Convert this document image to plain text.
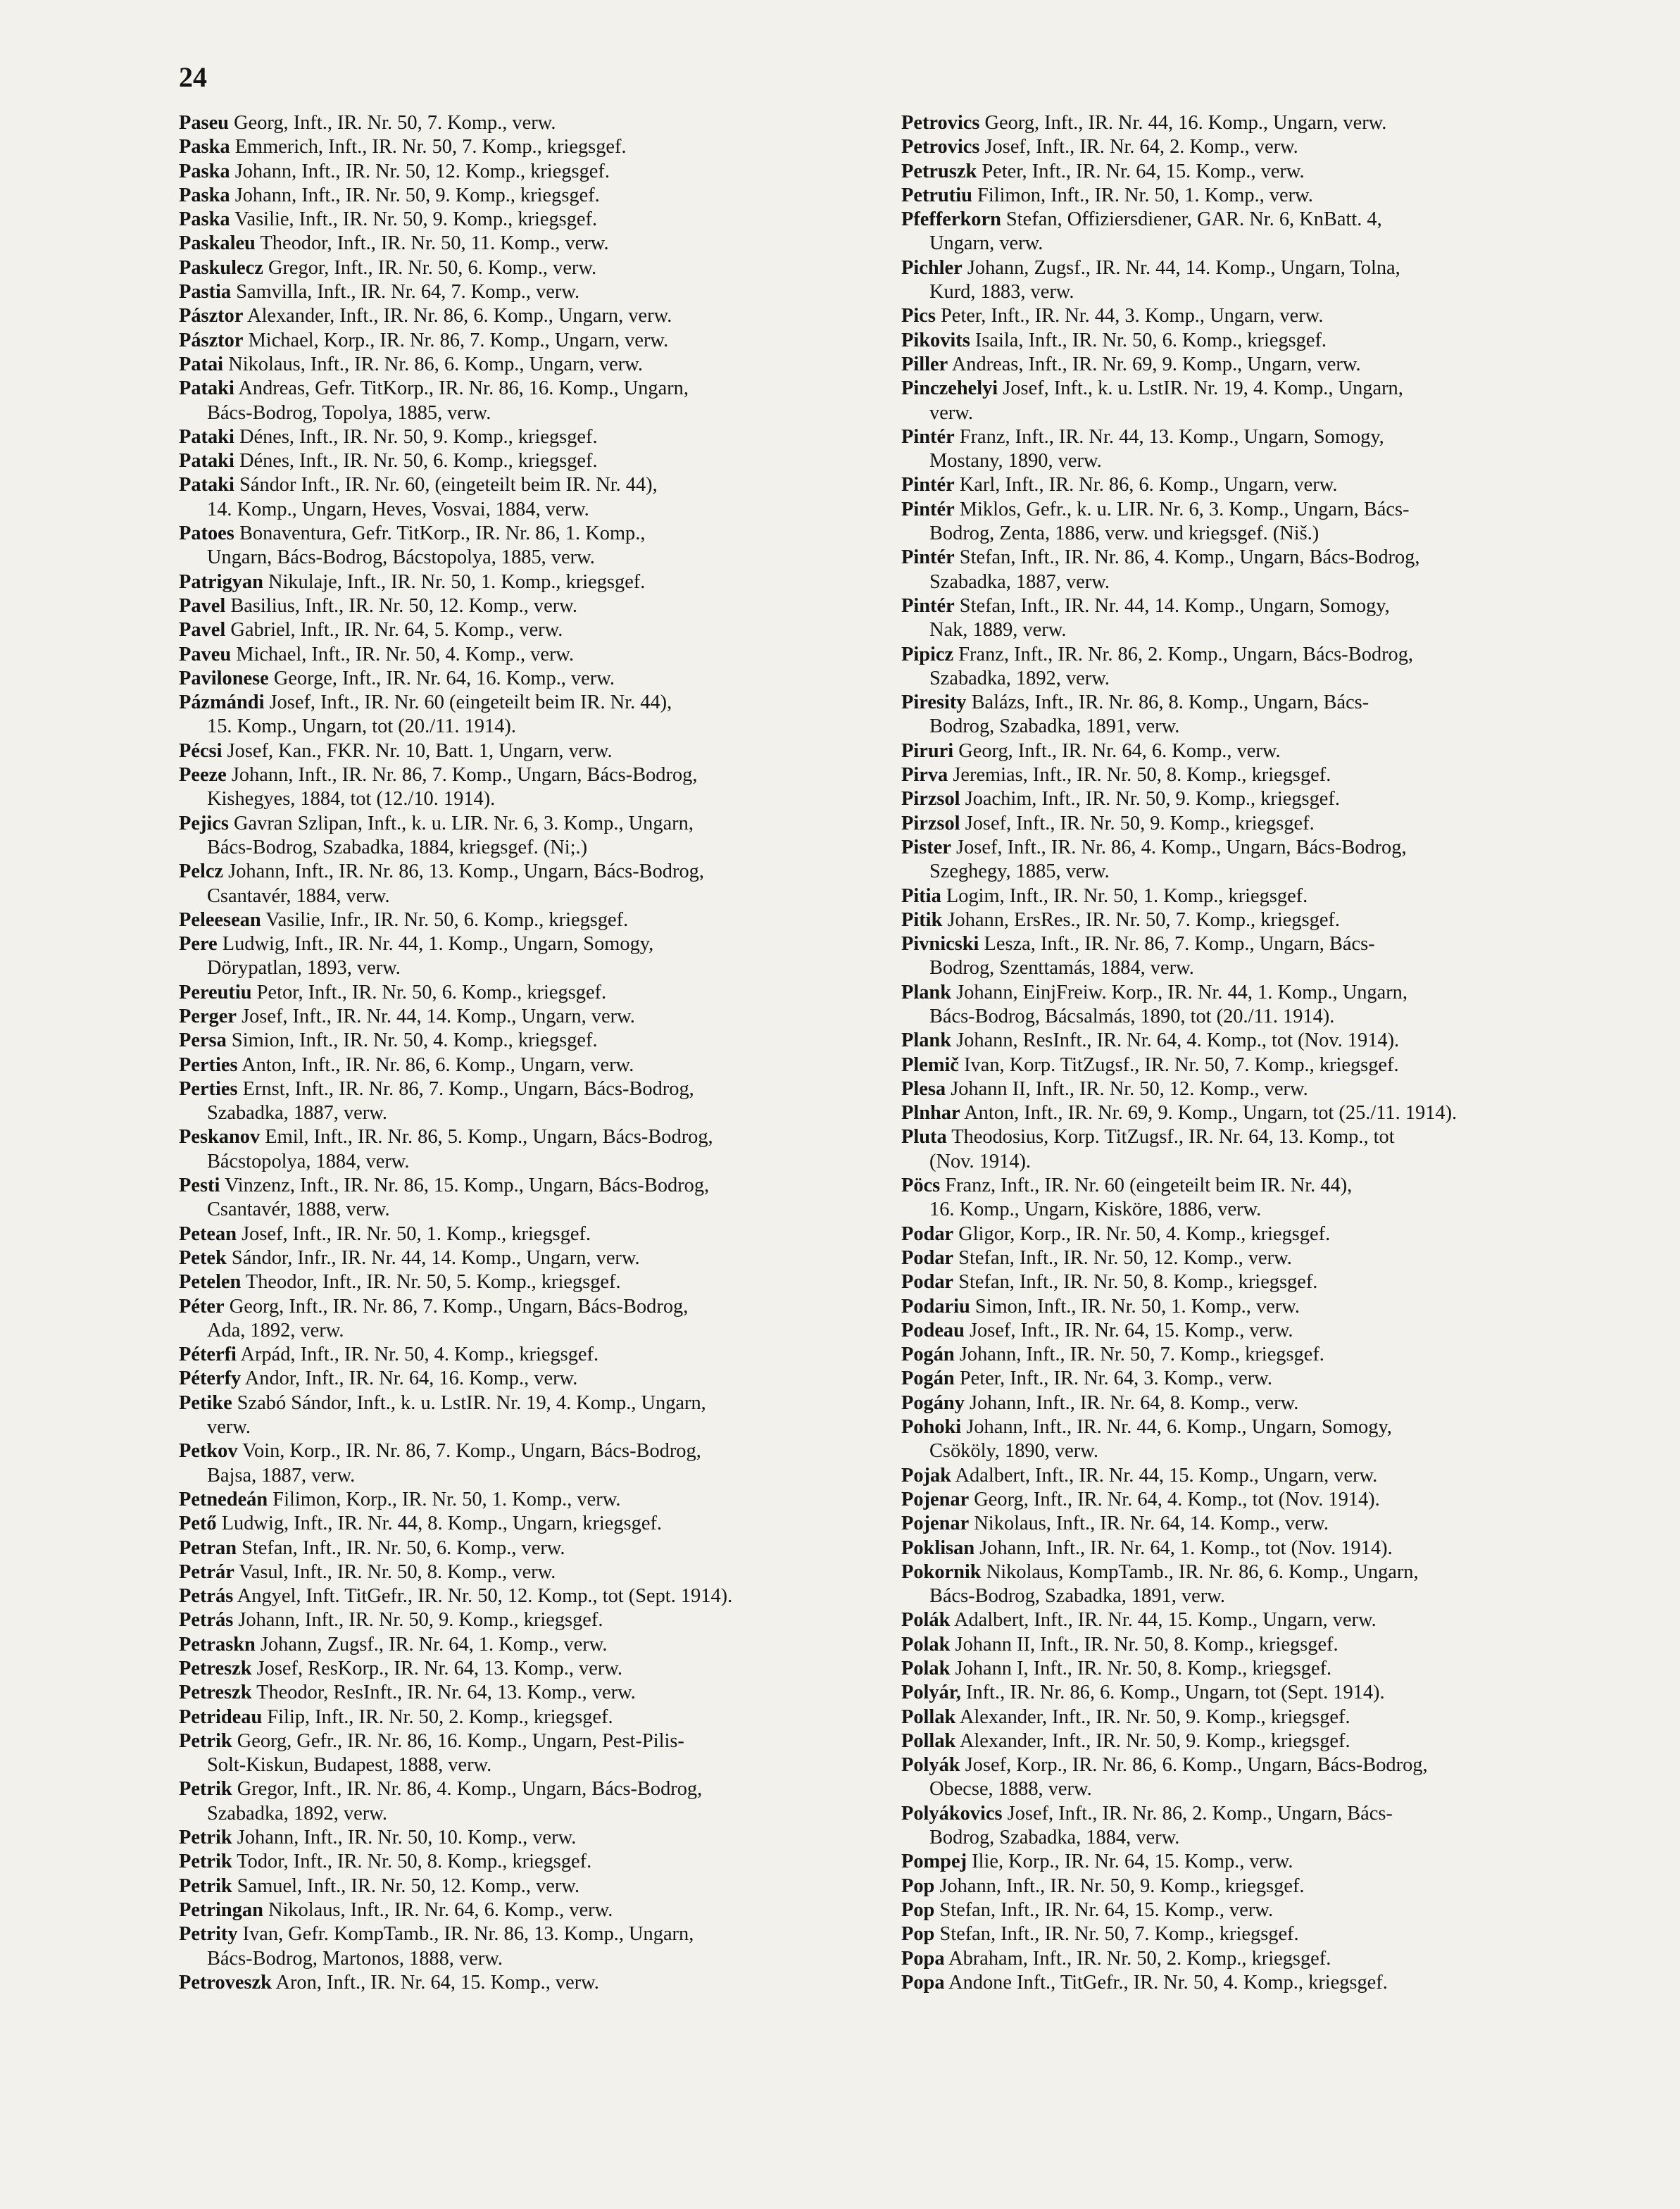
24

Paseu Georg, Inft., IR. Nr. 50, 7. Komp., verw.

Paska Emmerich, Inft., IR. Nr. 50, 7. Komp., kriegsgef.

Paska Johann, Inft., IR. Nr. 50, 12. Komp., kriegsgef.

Paska Johann, Inft., IR. Nr. 50, 9. Komp., kriegsgef.

Paska Vasilie, Inft., IR. Nr. 50, 9. Komp., kriegsgef.

Paskaleu Theodor, Inft., IR. Nr. 50, 11. Komp., verw.

Paskulecz Gregor, Inft., IR. Nr. 50, 6. Komp., verw.

Pastia Samvilla, Inft., IR. Nr. 64, 7. Komp., verw.

Pásztor Alexander, Inft., IR. Nr. 86, 6. Komp., Ungarn, verw.

Pásztor Michael, Korp., IR. Nr. 86, 7. Komp., Ungarn, verw.

Patai Nikolaus, Inft., IR. Nr. 86, 6. Komp., Ungarn, verw.

Pataki Andreas, Gefr. TitKorp., IR. Nr. 86, 16. Komp., Ungarn,
Bács-Bodrog, Topolya, 1885, verw.

Pataki Dénes, Inft., IR. Nr. 50, 9. Komp., kriegsgef.

Pataki Dénes, Inft., IR. Nr. 50, 6. Komp., kriegsgef.

Pataki Sándor Inft., IR. Nr. 60, (eingeteilt beim IR. Nr. 44),
14. Komp., Ungarn, Heves, Vosvai, 1884, verw.

Patoes Bonaventura, Gefr. TitKorp., IR. Nr. 86, 1. Komp.,
Ungarn, Bács-Bodrog, Bácstopolya, 1885, verw.

Patrigyan Nikulaje, Inft., IR. Nr. 50, 1. Komp., kriegsgef.

Pavel Basilius, Inft., IR. Nr. 50, 12. Komp., verw.

Pavel Gabriel, Inft., IR. Nr. 64, 5. Komp., verw.

Paveu Michael, Inft., IR. Nr. 50, 4. Komp., verw.

Pavilonese George, Inft., IR. Nr. 64, 16. Komp., verw.

Pázmándi Josef, Inft., IR. Nr. 60 (eingeteilt beim IR. Nr. 44),
15. Komp., Ungarn, tot (20./11. 1914).

Pécsi Josef, Kan., FKR. Nr. 10, Batt. 1, Ungarn, verw.

Peeze Johann, Inft., IR. Nr. 86, 7. Komp., Ungarn, Bács-Bodrog,
Kishegyes, 1884, tot (12./10. 1914).

Pejics Gavran Szlipan, Inft., k. u. LIR. Nr. 6, 3. Komp., Ungarn,
Bács-Bodrog, Szabadka, 1884, kriegsgef. (Ni;.)

Pelcz Johann, Inft., IR. Nr. 86, 13. Komp., Ungarn, Bács-Bodrog,
Csantavér, 1884, verw.

Peleesean Vasilie, Infr., IR. Nr. 50, 6. Komp., kriegsgef.

Pere Ludwig, Inft., IR. Nr. 44, 1. Komp., Ungarn, Somogy,
Dörypatlan, 1893, verw.

Pereutiu Petor, Inft., IR. Nr. 50, 6. Komp., kriegsgef.

Perger Josef, Inft., IR. Nr. 44, 14. Komp., Ungarn, verw.

Persa Simion, Inft., IR. Nr. 50, 4. Komp., kriegsgef.

Perties Anton, Inft., IR. Nr. 86, 6. Komp., Ungarn, verw.

Perties Ernst, Inft., IR. Nr. 86, 7. Komp., Ungarn, Bács-Bodrog,
Szabadka, 1887, verw.

Peskanov Emil, Inft., IR. Nr. 86, 5. Komp., Ungarn, Bács-Bodrog,
Bácstopolya, 1884, verw.

Pesti Vinzenz, Inft., IR. Nr. 86, 15. Komp., Ungarn, Bács-Bodrog,
Csantavér, 1888, verw.

Petean Josef, Inft., IR. Nr. 50, 1. Komp., kriegsgef.

Petek Sándor, Infr., IR. Nr. 44, 14. Komp., Ungarn, verw.

Petelen Theodor, Inft., IR. Nr. 50, 5. Komp., kriegsgef.

Péter Georg, Inft., IR. Nr. 86, 7. Komp., Ungarn, Bács-Bodrog,
Ada, 1892, verw.

Péterfi Arpád, Inft., IR. Nr. 50, 4. Komp., kriegsgef.

Péterfy Andor, Inft., IR. Nr. 64, 16. Komp., verw.

Petike Szabó Sándor, Inft., k. u. LstIR. Nr. 19, 4. Komp., Ungarn,
verw.

Petkov Voin, Korp., IR. Nr. 86, 7. Komp., Ungarn, Bács-Bodrog,
Bajsa, 1887, verw.

Petnedeán Filimon, Korp., IR. Nr. 50, 1. Komp., verw.

Pető Ludwig, Inft., IR. Nr. 44, 8. Komp., Ungarn, kriegsgef.

Petran Stefan, Inft., IR. Nr. 50, 6. Komp., verw.

Petrár Vasul, Inft., IR. Nr. 50, 8. Komp., verw.

Petrás Angyel, Inft. TitGefr., IR. Nr. 50, 12. Komp., tot (Sept. 1914).

Petrás Johann, Inft., IR. Nr. 50, 9. Komp., kriegsgef.

Petraskn Johann, Zugsf., IR. Nr. 64, 1. Komp., verw.

Petreszk Josef, ResKorp., IR. Nr. 64, 13. Komp., verw.

Petreszk Theodor, ResInft., IR. Nr. 64, 13. Komp., verw.

Petrideau Filip, Inft., IR. Nr. 50, 2. Komp., kriegsgef.

Petrik Georg, Gefr., IR. Nr. 86, 16. Komp., Ungarn, Pest-Pilis-
Solt-Kiskun, Budapest, 1888, verw.

Petrik Gregor, Inft., IR. Nr. 86, 4. Komp., Ungarn, Bács-Bodrog,
Szabadka, 1892, verw.

Petrik Johann, Inft., IR. Nr. 50, 10. Komp., verw.

Petrik Todor, Inft., IR. Nr. 50, 8. Komp., kriegsgef.

Petrik Samuel, Inft., IR. Nr. 50, 12. Komp., verw.

Petringan Nikolaus, Inft., IR. Nr. 64, 6. Komp., verw.

Petrity Ivan, Gefr. KompTamb., IR. Nr. 86, 13. Komp., Ungarn,
Bács-Bodrog, Martonos, 1888, verw.

Petroveszk Aron, Inft., IR. Nr. 64, 15. Komp., verw.

Petrovics Georg, Inft., IR. Nr. 44, 16. Komp., Ungarn, verw.

Petrovics Josef, Inft., IR. Nr. 64, 2. Komp., verw.

Petruszk Peter, Inft., IR. Nr. 64, 15. Komp., verw.

Petrutiu Filimon, Inft., IR. Nr. 50, 1. Komp., verw.

Pfefferkorn Stefan, Offiziersdiener, GAR. Nr. 6, KnBatt. 4,
Ungarn, verw.

Pichler Johann, Zugsf., IR. Nr. 44, 14. Komp., Ungarn, Tolna,
Kurd, 1883, verw.

Pics Peter, Inft., IR. Nr. 44, 3. Komp., Ungarn, verw.

Pikovits Isaila, Inft., IR. Nr. 50, 6. Komp., kriegsgef.

Piller Andreas, Inft., IR. Nr. 69, 9. Komp., Ungarn, verw.

Pinczehelyi Josef, Inft., k. u. LstIR. Nr. 19, 4. Komp., Ungarn,
verw.

Pintér Franz, Inft., IR. Nr. 44, 13. Komp., Ungarn, Somogy,
Mostany, 1890, verw.

Pintér Karl, Inft., IR. Nr. 86, 6. Komp., Ungarn, verw.

Pintér Miklos, Gefr., k. u. LIR. Nr. 6, 3. Komp., Ungarn, Bács-
Bodrog, Zenta, 1886, verw. und kriegsgef. (Niš.)

Pintér Stefan, Inft., IR. Nr. 86, 4. Komp., Ungarn, Bács-Bodrog,
Szabadka, 1887, verw.

Pintér Stefan, Inft., IR. Nr. 44, 14. Komp., Ungarn, Somogy,
Nak, 1889, verw.

Pipicz Franz, Inft., IR. Nr. 86, 2. Komp., Ungarn, Bács-Bodrog,
Szabadka, 1892, verw.

Piresity Balázs, Inft., IR. Nr. 86, 8. Komp., Ungarn, Bács-
Bodrog, Szabadka, 1891, verw.

Piruri Georg, Inft., IR. Nr. 64, 6. Komp., verw.

Pirva Jeremias, Inft., IR. Nr. 50, 8. Komp., kriegsgef.

Pirzsol Joachim, Inft., IR. Nr. 50, 9. Komp., kriegsgef.

Pirzsol Josef, Inft., IR. Nr. 50, 9. Komp., kriegsgef.

Pister Josef, Inft., IR. Nr. 86, 4. Komp., Ungarn, Bács-Bodrog,
Szeghegy, 1885, verw.

Pitia Logim, Inft., IR. Nr. 50, 1. Komp., kriegsgef.

Pitik Johann, ErsRes., IR. Nr. 50, 7. Komp., kriegsgef.

Pivnicski Lesza, Inft., IR. Nr. 86, 7. Komp., Ungarn, Bács-
Bodrog, Szenttamás, 1884, verw.

Plank Johann, EinjFreiw. Korp., IR. Nr. 44, 1. Komp., Ungarn,
Bács-Bodrog, Bácsalmás, 1890, tot (20./11. 1914).

Plank Johann, ResInft., IR. Nr. 64, 4. Komp., tot (Nov. 1914).

Plemič Ivan, Korp. TitZugsf., IR. Nr. 50, 7. Komp., kriegsgef.

Plesa Johann II, Inft., IR. Nr. 50, 12. Komp., verw.

Plnhar Anton, Inft., IR. Nr. 69, 9. Komp., Ungarn, tot (25./11. 1914).

Pluta Theodosius, Korp. TitZugsf., IR. Nr. 64, 13. Komp., tot
(Nov. 1914).

Pöcs Franz, Inft., IR. Nr. 60 (eingeteilt beim IR. Nr. 44),
16. Komp., Ungarn, Kisköre, 1886, verw.

Podar Gligor, Korp., IR. Nr. 50, 4. Komp., kriegsgef.

Podar Stefan, Inft., IR. Nr. 50, 12. Komp., verw.

Podar Stefan, Inft., IR. Nr. 50, 8. Komp., kriegsgef.

Podariu Simon, Inft., IR. Nr. 50, 1. Komp., verw.

Podeau Josef, Inft., IR. Nr. 64, 15. Komp., verw.

Pogán Johann, Inft., IR. Nr. 50, 7. Komp., kriegsgef.

Pogán Peter, Inft., IR. Nr. 64, 3. Komp., verw.

Pogány Johann, Inft., IR. Nr. 64, 8. Komp., verw.

Pohoki Johann, Inft., IR. Nr. 44, 6. Komp., Ungarn, Somogy,
Csököly, 1890, verw.

Pojak Adalbert, Inft., IR. Nr. 44, 15. Komp., Ungarn, verw.

Pojenar Georg, Inft., IR. Nr. 64, 4. Komp., tot (Nov. 1914).

Pojenar Nikolaus, Inft., IR. Nr. 64, 14. Komp., verw.

Poklisan Johann, Inft., IR. Nr. 64, 1. Komp., tot (Nov. 1914).

Pokornik Nikolaus, KompTamb., IR. Nr. 86, 6. Komp., Ungarn,
Bács-Bodrog, Szabadka, 1891, verw.

Polák Adalbert, Inft., IR. Nr. 44, 15. Komp., Ungarn, verw.

Polak Johann II, Inft., IR. Nr. 50, 8. Komp., kriegsgef.

Polak Johann I, Inft., IR. Nr. 50, 8. Komp., kriegsgef.

Polyár, Inft., IR. Nr. 86, 6. Komp., Ungarn, tot (Sept. 1914).

Pollak Alexander, Inft., IR. Nr. 50, 9. Komp., kriegsgef.

Pollak Alexander, Inft., IR. Nr. 50, 9. Komp., kriegsgef.

Polyák Josef, Korp., IR. Nr. 86, 6. Komp., Ungarn, Bács-Bodrog,
Obecse, 1888, verw.

Polyákovics Josef, Inft., IR. Nr. 86, 2. Komp., Ungarn, Bács-
Bodrog, Szabadka, 1884, verw.

Pompej Ilie, Korp., IR. Nr. 64, 15. Komp., verw.

Pop Johann, Inft., IR. Nr. 50, 9. Komp., kriegsgef.

Pop Stefan, Inft., IR. Nr. 64, 15. Komp., verw.

Pop Stefan, Inft., IR. Nr. 50, 7. Komp., kriegsgef.

Popa Abraham, Inft., IR. Nr. 50, 2. Komp., kriegsgef.

Popa Andone Inft., TitGefr., IR. Nr. 50, 4. Komp., kriegsgef.
